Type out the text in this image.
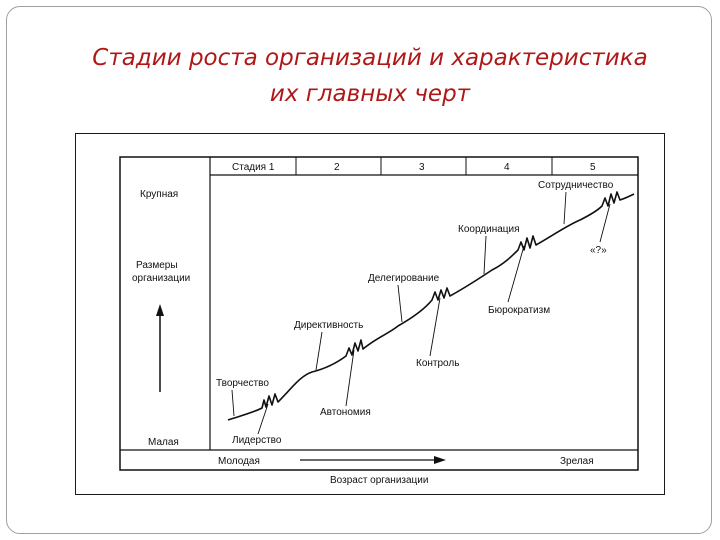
Стадии роста организаций и характеристика
их главных черт
Стадия 1	2	3	4	5
Крупная
Размеры
организации
Малая
Молодая	Зрелая
Возраст организации
Творчество
Директивность
Делегирование
Координация
Сотрудничество
Лидерство
Автономия
Контроль
Бюрократизм
«?»
